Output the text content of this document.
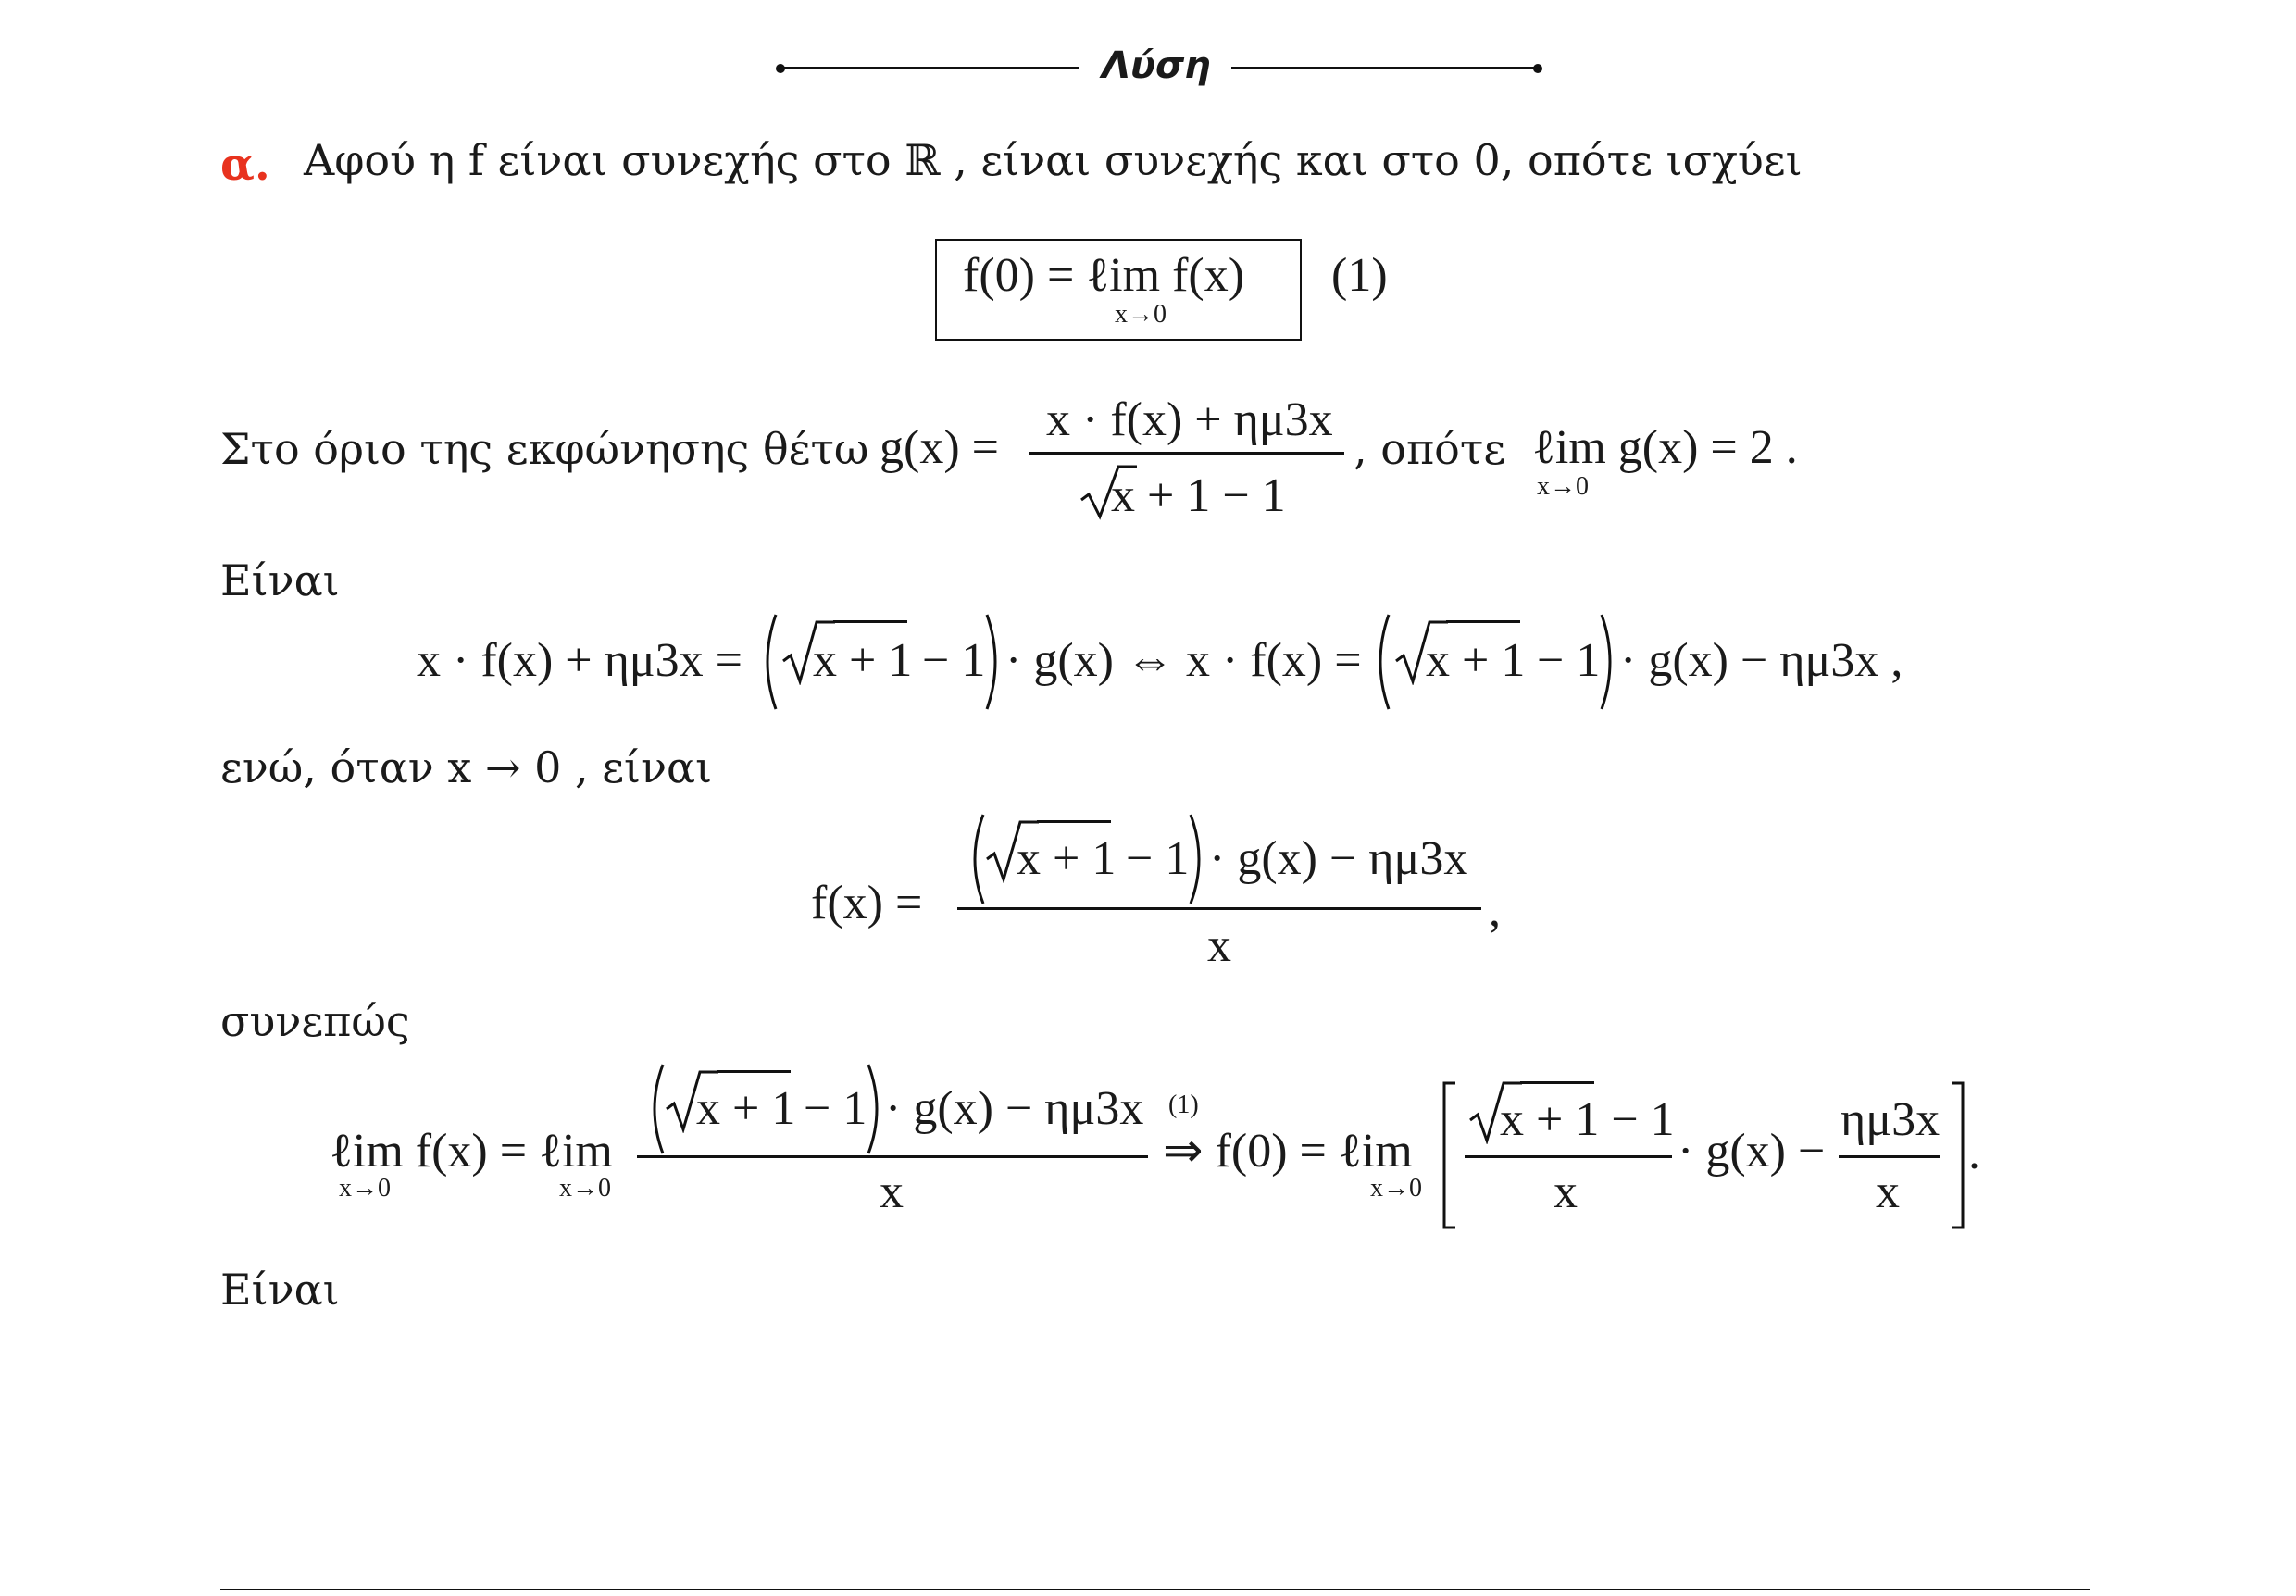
Λύση
α. Αφού η f είναι συνεχής στο ℝ , είναι συνεχής και στο 0, οπότε ισχύει
f(0) = ℓim f(x)
x→0
(1)
Στο όριο της εκφώνησης θέτω g(x) =
x · f(x) + ημ3x
x + 1 − 1
, οπότε ℓim g(x) = 2 .
x→0
Είναι
x · f(x) + ημ3x = x + 1 − 1 · g(x) ⇔ x · f(x) = x + 1 − 1 · g(x) − ημ3x ,
ενώ, όταν x → 0 , είναι
f(x) =
x + 1 − 1 · g(x) − ημ3x
x
,
συνεπώς
ℓim f(x) = ℓim
x→0	x→0
x + 1 − 1 · g(x) − ημ3x
x
(1)
⇒ f(0) = ℓim
x→0
x + 1 − 1
x
· g(x) −
ημ3x
x
.
Είναι
